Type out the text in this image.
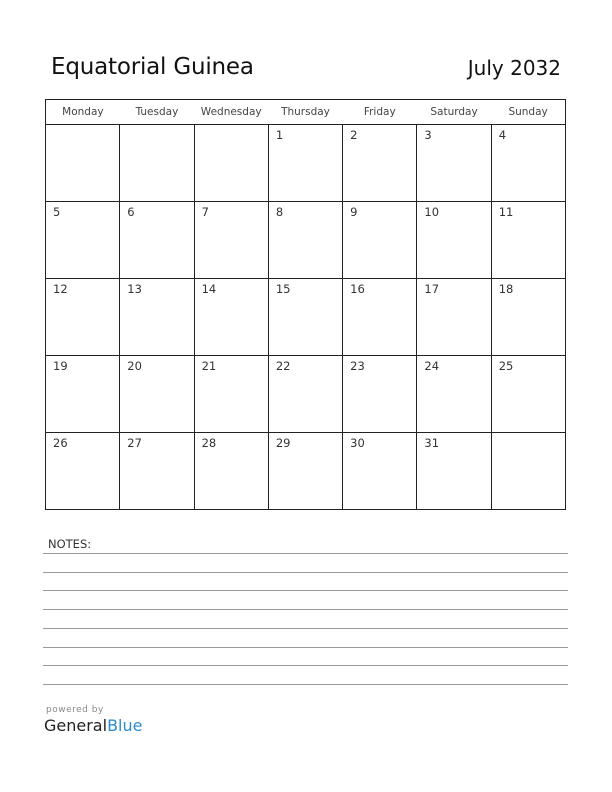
Equatorial Guinea	July 2032
Monday	Tuesday	Wednesday	Thursday	Friday	Saturday	Sunday

			1	2	3	4

5	6	7	8	9	10	11

12	13	14	15	16	17	18

19	20	21	22	23	24	25

26	27	28	29	30	31	

NOTES:
powered by
GeneralBlue
